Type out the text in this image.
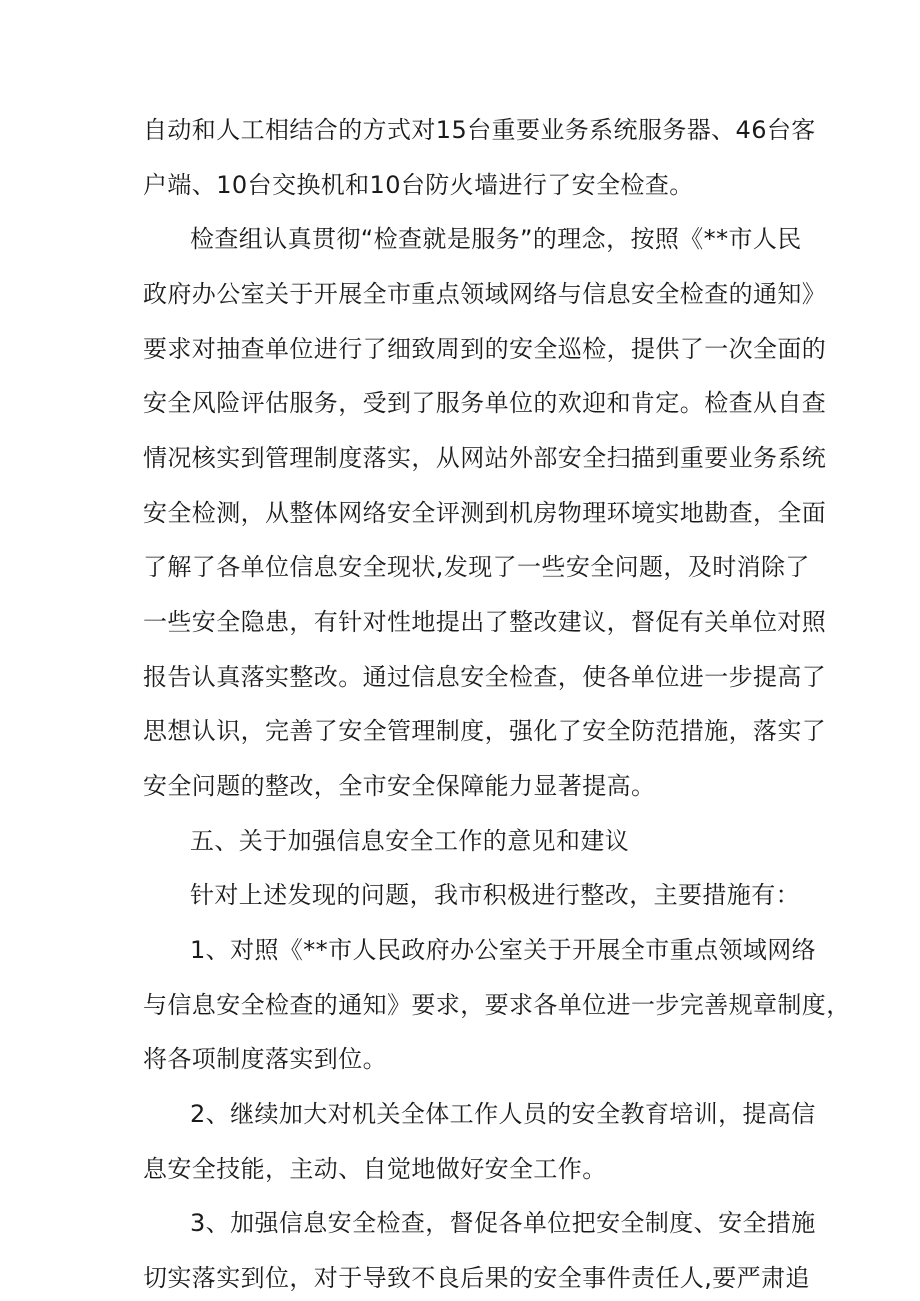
自动和人工相结合的方式对15台重要业务系统服务器、46台客
户端、10台交换机和10台防火墙进行了安全检查。
检查组认真贯彻“检查就是服务”的理念，按照《**市人民
政府办公室关于开展全市重点领域网络与信息安全检查的通知》
要求对抽查单位进行了细致周到的安全巡检，提供了一次全面的
安全风险评估服务，受到了服务单位的欢迎和肯定。检查从自查
情况核实到管理制度落实，从网站外部安全扫描到重要业务系统
安全检测，从整体网络安全评测到机房物理环境实地勘查，全面
了解了各单位信息安全现状,发现了一些安全问题，及时消除了
一些安全隐患，有针对性地提出了整改建议，督促有关单位对照
报告认真落实整改。通过信息安全检查，使各单位进一步提高了
思想认识，完善了安全管理制度，强化了安全防范措施，落实了
安全问题的整改，全市安全保障能力显著提高。
五、关于加强信息安全工作的意见和建议
针对上述发现的问题，我市积极进行整改，主要措施有：
1、对照《**市人民政府办公室关于开展全市重点领域网络
与信息安全检查的通知》要求，要求各单位进一步完善规章制度，
将各项制度落实到位。
2、继续加大对机关全体工作人员的安全教育培训，提高信
息安全技能，主动、自觉地做好安全工作。
3、加强信息安全检查，督促各单位把安全制度、安全措施
切实落实到位，对于导致不良后果的安全事件责任人,要严肃追
